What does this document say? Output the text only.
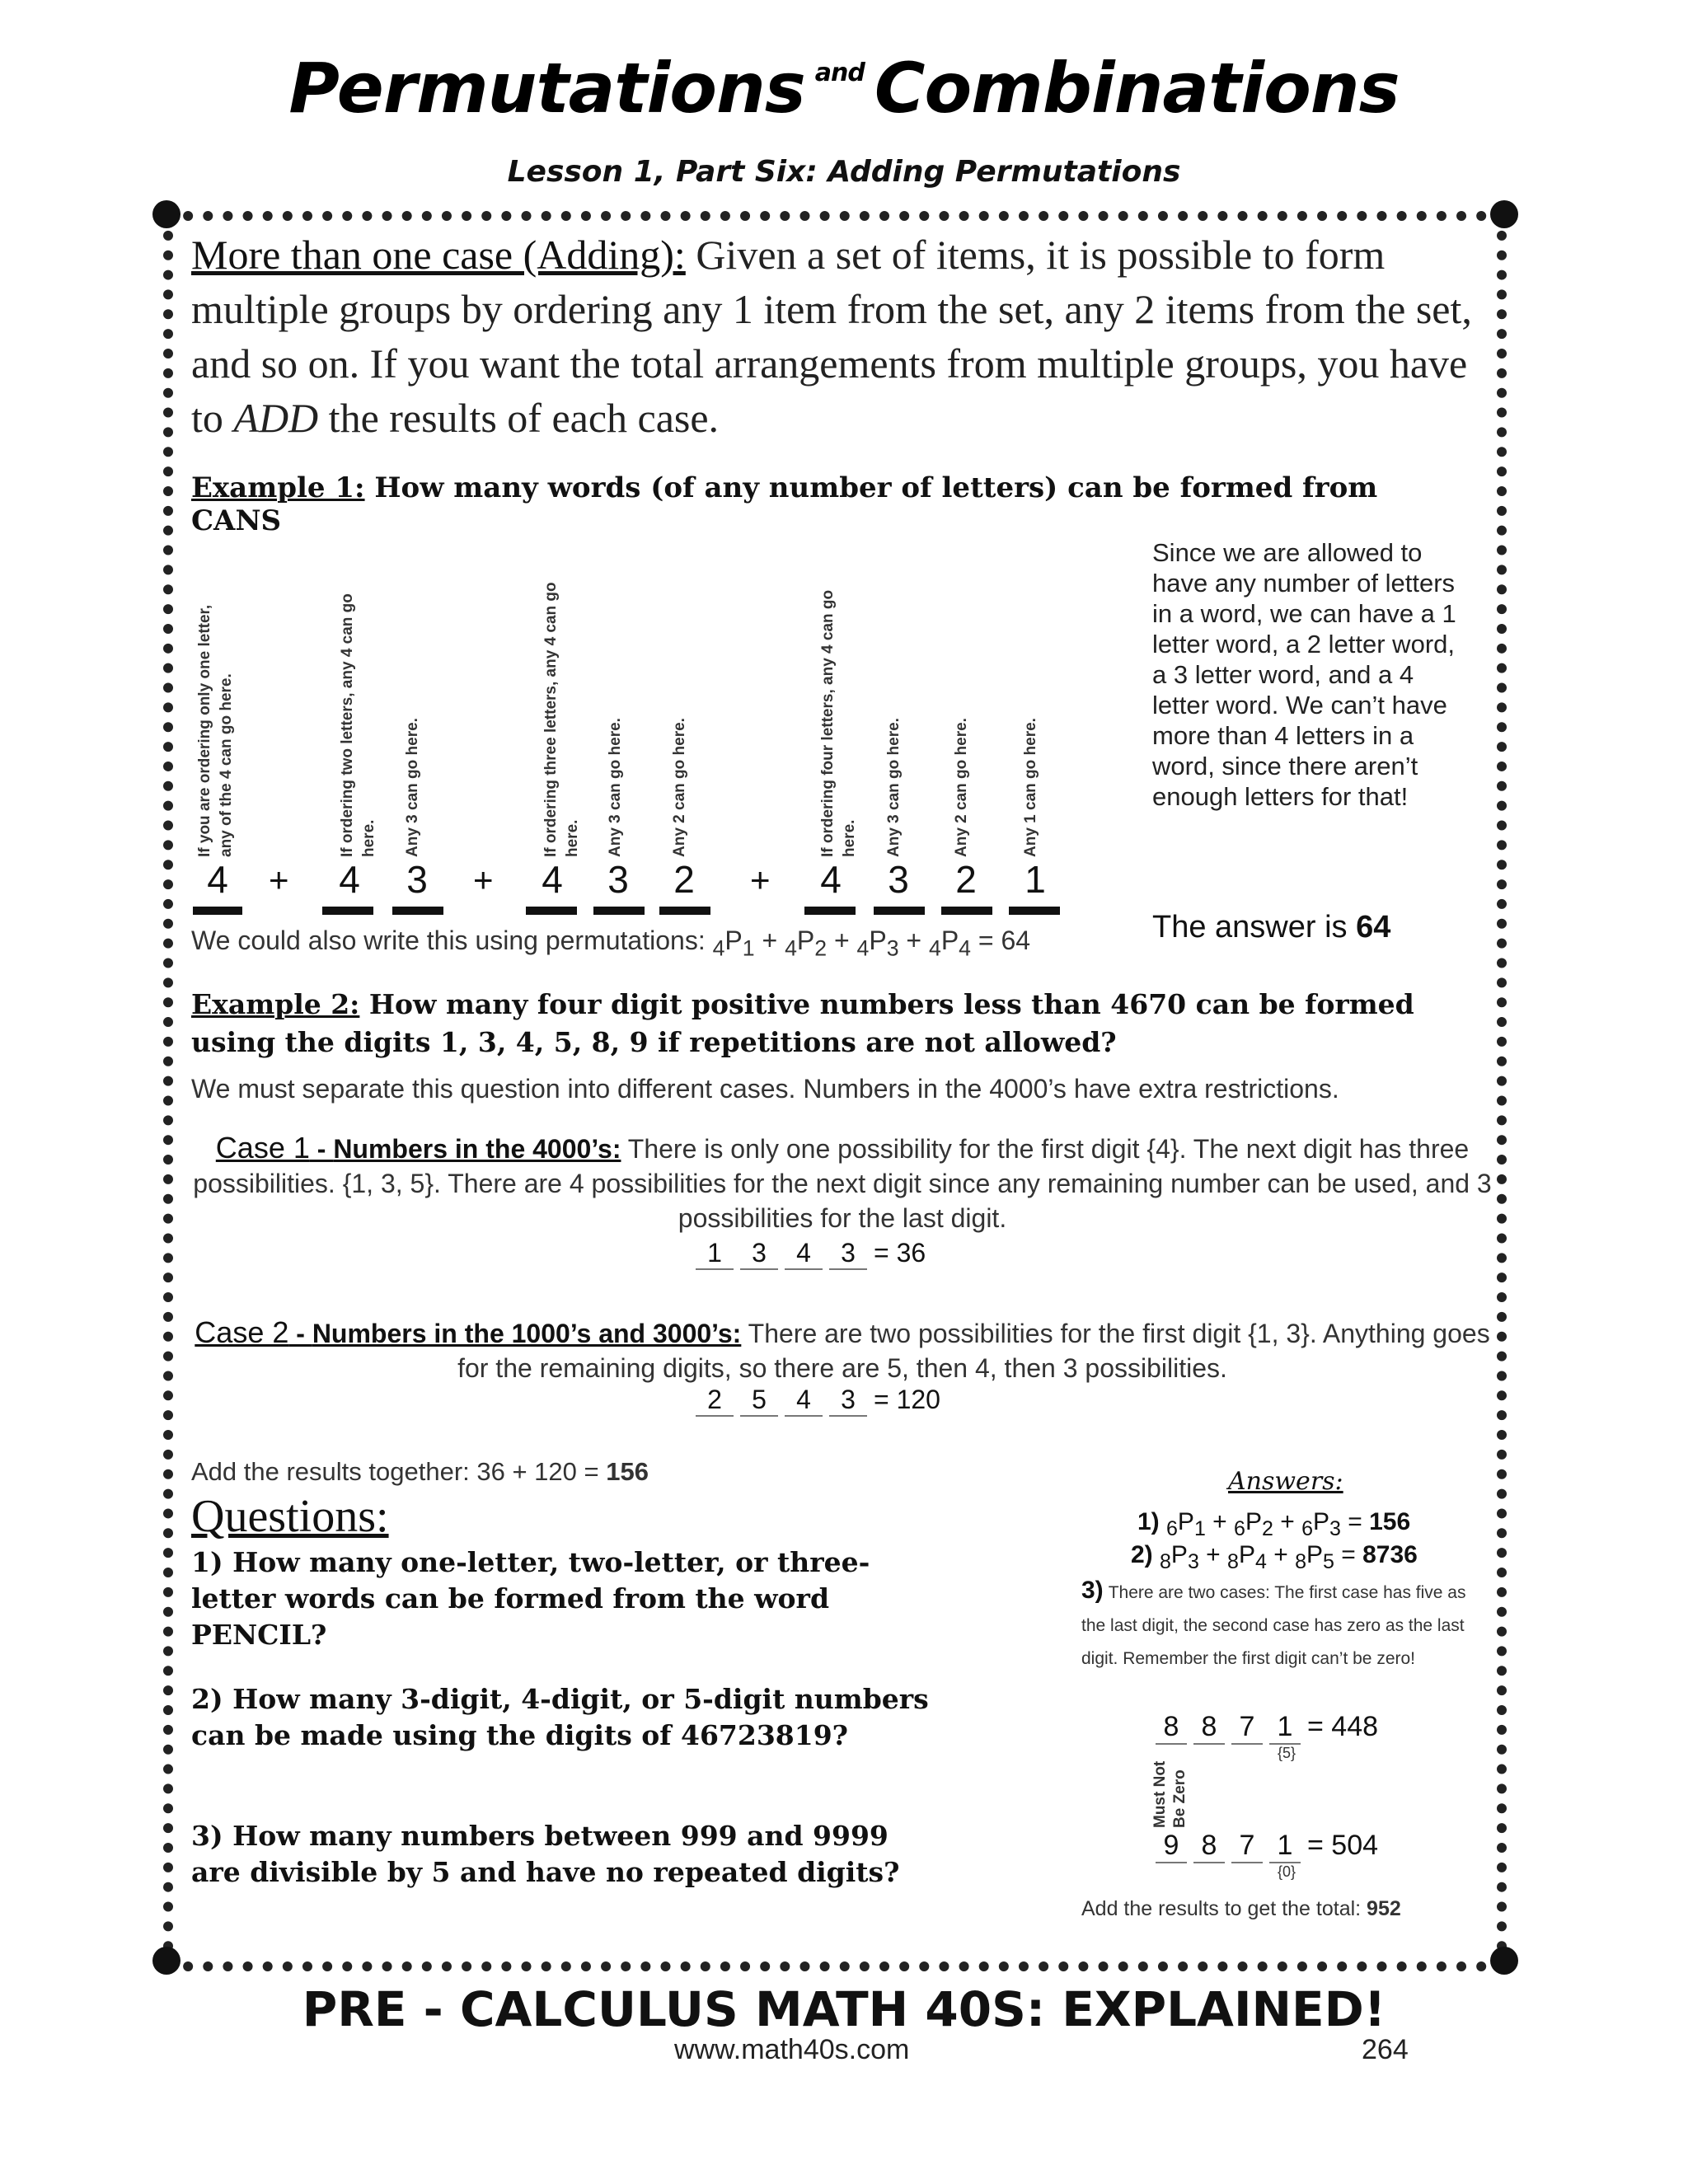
Permutations $^{and}$ Combinations
Lesson 1, Part Six: Adding Permutations
More than one case (Adding): Given a set of items, it is possible to form multiple groups by ordering any 1 item from the set, any 2 items from the set, and so on. If you want the total arrangements from multiple groups, you have to ADD the results of each case.
Example 1: How many words (of any number of letters) can be formed from CANS
If you are ordering only one letter, any of the 4 can go here.
4	+
If ordering two letters, any 4 can go here.
4
Any 3 can go here.
3	+
If ordering three letters, any 4 can go here.
4
Any 3 can go here.
3
Any 2 can go here.
2	+
If ordering four letters, any 4 can go here.
4
Any 3 can go here.
3
Any 2 can go here.
2
Any 1 can go here.
1
Since we are allowed to have any number of letters in a word, we can have a 1 letter word, a 2 letter word, a 3 letter word, and a 4 letter word. We can’t have more than 4 letters in a word, since there aren’t enough letters for that!
The answer is 64
We could also write this using permutations: $_4P_1 + _4P_2 + _4P_3 + _4P_4 = 64$
Example 2: How many four digit positive numbers less than 4670 can be formed using the digits 1, 3, 4, 5, 8, 9 if repetitions are not allowed?
We must separate this question into different cases. Numbers in the 4000’s have extra restrictions.
Case 1 - Numbers in the 4000’s: There is only one possibility for the first digit {4}. The next digit has three possibilities. {1, 3, 5}. There are 4 possibilities for the next digit since any remaining number can be used, and 3 possibilities for the last digit.
1 3 4 3 = 36
Case 2 - Numbers in the 1000’s and 3000’s: There are two possibilities for the first digit {1, 3}. Anything goes for the remaining digits, so there are 5, then 4, then 3 possibilities.
2 5 4 3 = 120
Add the results together: 36 + 120 = 156
Questions:
1) How many one-letter, two-letter, or three-letter words can be formed from the word PENCIL?
2) How many 3-digit, 4-digit, or 5-digit numbers can be made using the digits of 46723819?
3) How many numbers between 999 and 9999 are divisible by 5 and have no repeated digits?
Answers:
1) $_6P_1 + _6P_2 + _6P_3 = 156$
2) $_8P_3 + _8P_4 + _8P_5 = 8736$
3) There are two cases: The first case has five as the last digit, the second case has zero as the last digit. Remember the first digit can’t be zero!
8 8 7 1 = 448
{5}
Must Not Be Zero
9 8 7 1 = 504
{0}
Add the results to get the total: 952
PRE - CALCULUS MATH 40S: EXPLAINED!
www.math40s.com	264
